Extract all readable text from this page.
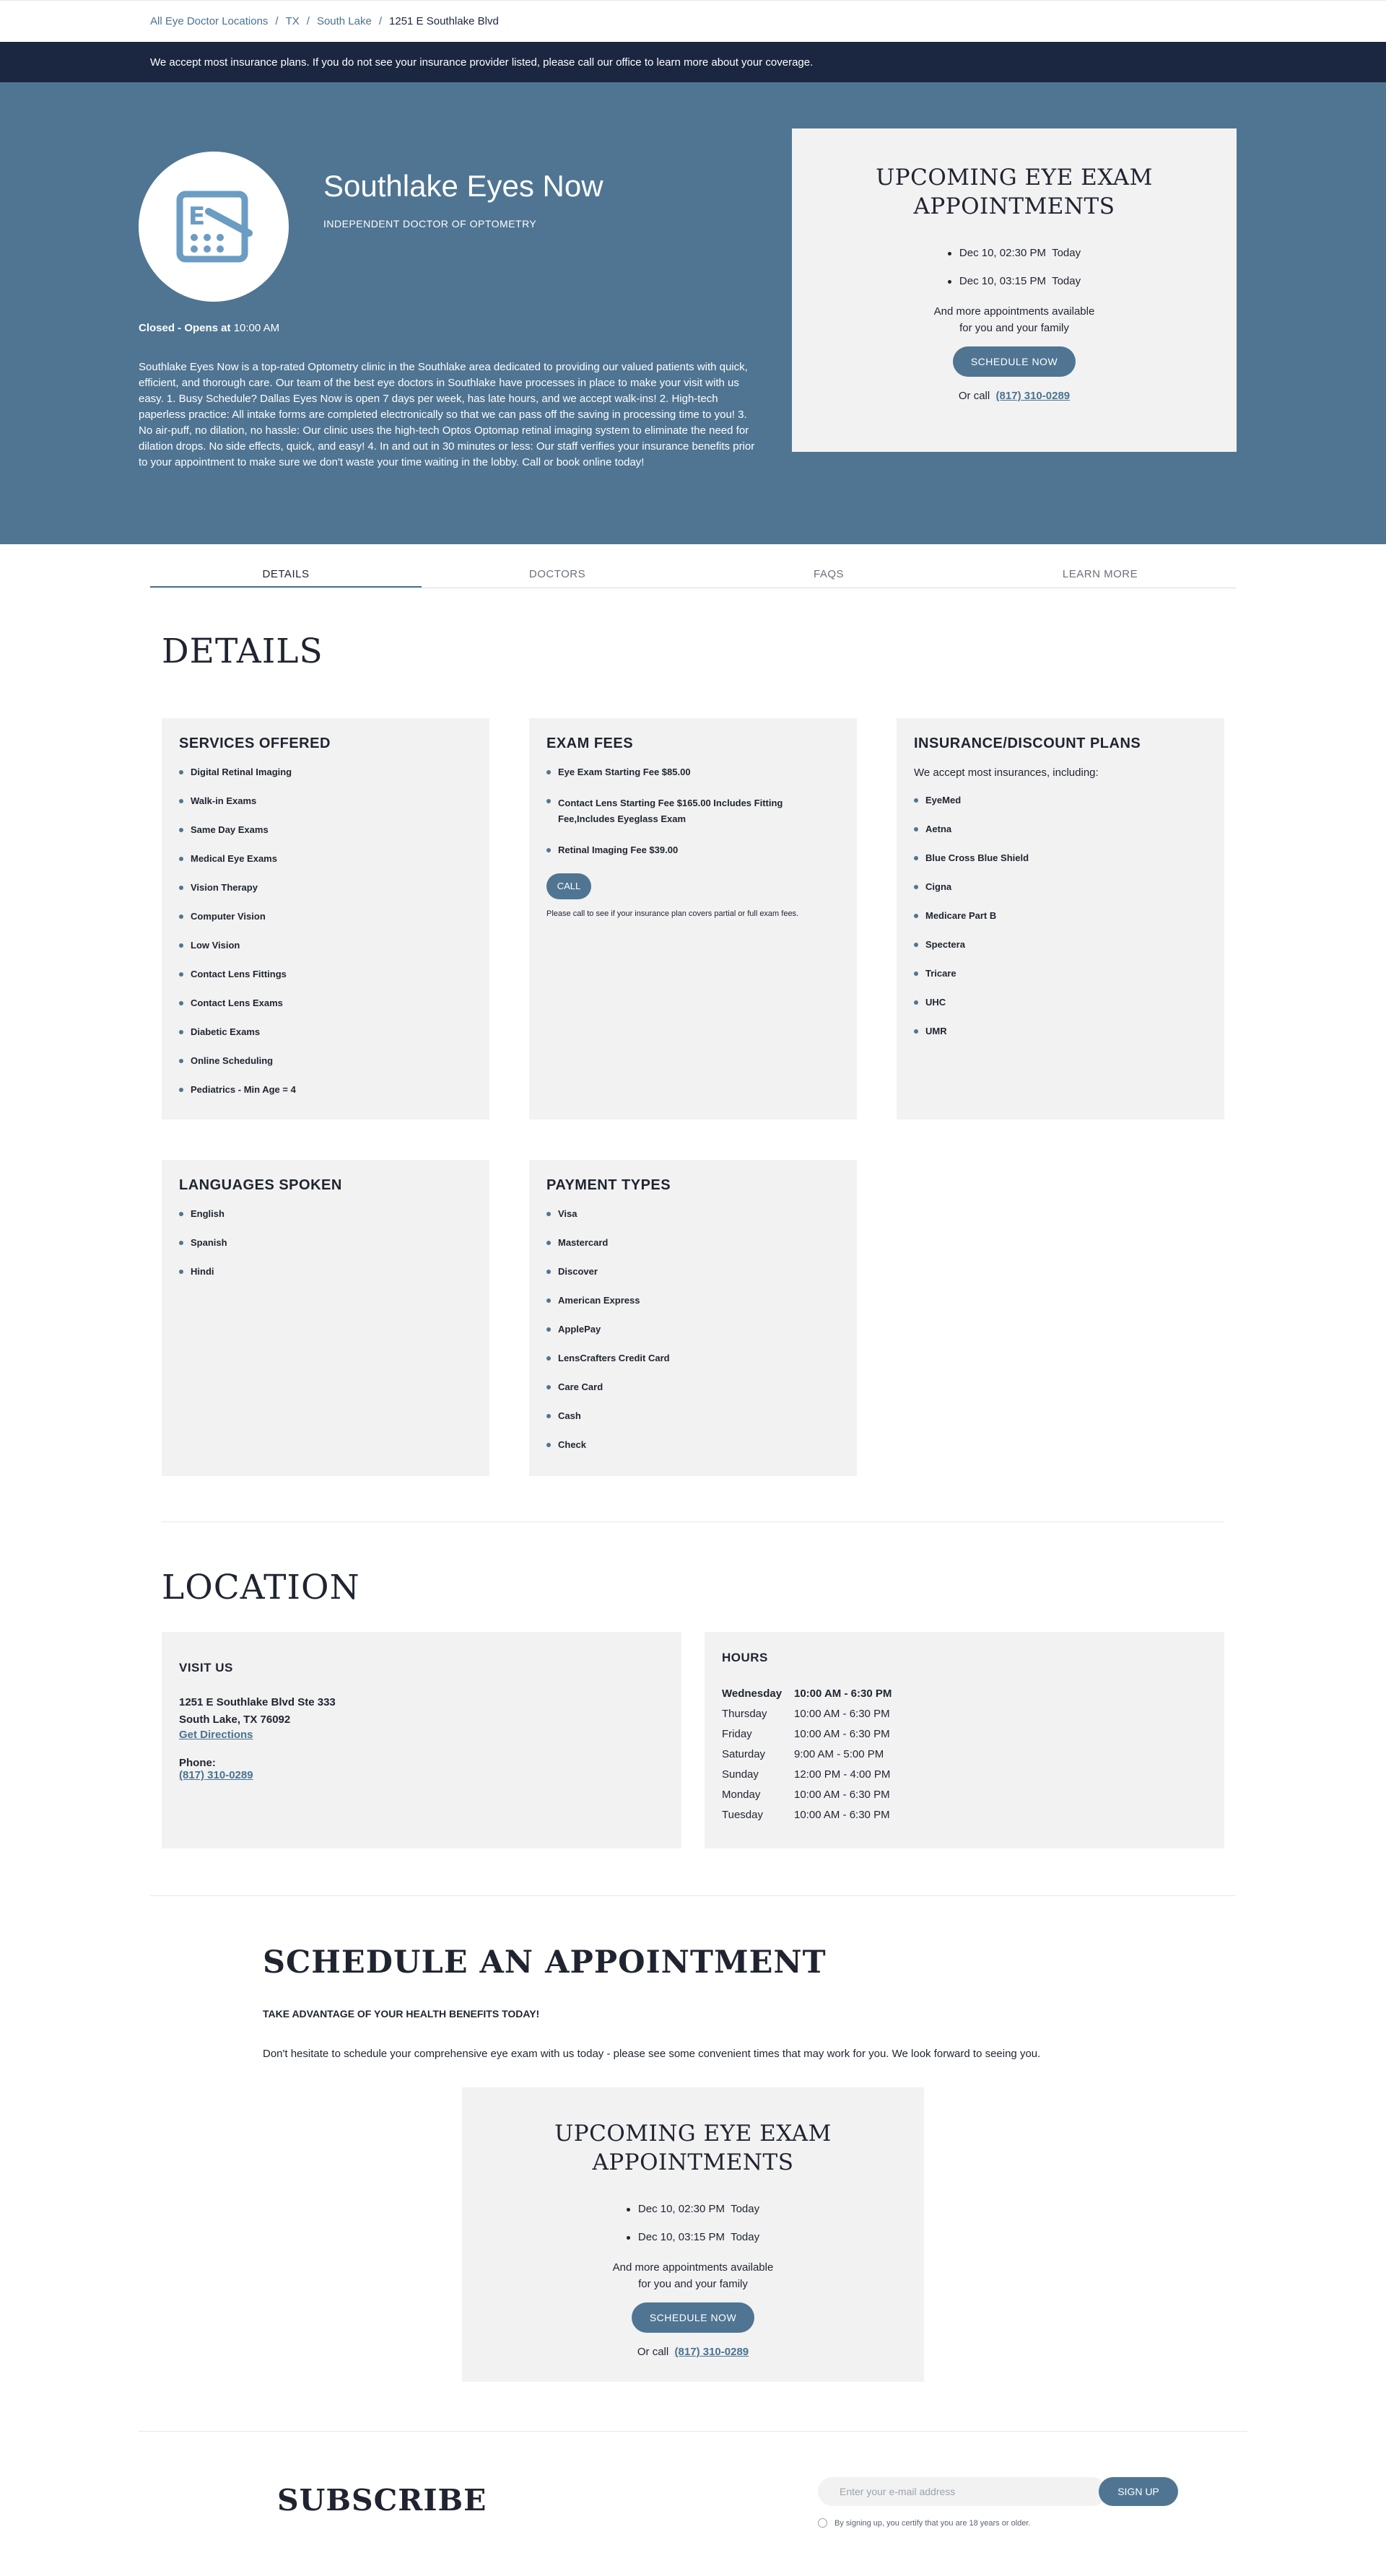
All Eye Doctor Locations / TX / South Lake / 1251 E Southlake Blvd
We accept most insurance plans. If you do not see your insurance provider listed, please call our office to learn more about your coverage.
E
Southlake Eyes Now
INDEPENDENT DOCTOR OF OPTOMETRY
Closed - Opens at 10:00 AM

Southlake Eyes Now is a top-rated Optometry clinic in the Southlake area dedicated to providing our valued patients with quick, efficient, and thorough care. Our team of the best eye doctors in Southlake have processes in place to make your visit with us easy. 1. Busy Schedule? Dallas Eyes Now is open 7 days per week, has late hours, and we accept walk-ins! 2. High-tech paperless practice: All intake forms are completed electronically so that we can pass off the saving in processing time to you! 3. No air-puff, no dilation, no hassle: Our clinic uses the high-tech Optos Optomap retinal imaging system to eliminate the need for dilation drops. No side effects, quick, and easy! 4. In and out in 30 minutes or less: Our staff verifies your insurance benefits prior to your appointment to make sure we don't waste your time waiting in the lobby. Call or book online today!

UPCOMING EYE EXAM
APPOINTMENTS
Dec 10, 02:30 PM Today
Dec 10, 03:15 PM Today
And more appointments available
for you and your family
SCHEDULE NOW
Or call (817) 310-0289
DETAILS	DOCTORS	FAQS	LEARN MORE
DETAILS
SERVICES OFFERED
Digital Retinal Imaging
Walk-in Exams
Same Day Exams
Medical Eye Exams
Vision Therapy
Computer Vision
Low Vision
Contact Lens Fittings
Contact Lens Exams
Diabetic Exams
Online Scheduling
Pediatrics - Min Age = 4
EXAM FEES
Eye Exam Starting Fee $85.00
Contact Lens Starting Fee $165.00 Includes Fitting Fee,Includes Eyeglass Exam
Retinal Imaging Fee $39.00
CALL
Please call to see if your insurance plan covers partial or full exam fees.
INSURANCE/DISCOUNT PLANS
We accept most insurances, including:
EyeMed
Aetna
Blue Cross Blue Shield
Cigna
Medicare Part B
Spectera
Tricare
UHC
UMR
LANGUAGES SPOKEN
English
Spanish
Hindi
PAYMENT TYPES
Visa
Mastercard
Discover
American Express
ApplePay
LensCrafters Credit Card
Care Card
Cash
Check
LOCATION
VISIT US
1251 E Southlake Blvd Ste 333
South Lake, TX 76092
Get Directions
Phone:
(817) 310-0289
HOURS
Wednesday	10:00 AM - 6:30 PM
Thursday	10:00 AM - 6:30 PM
Friday	10:00 AM - 6:30 PM
Saturday	9:00 AM - 5:00 PM
Sunday	12:00 PM - 4:00 PM
Monday	10:00 AM - 6:30 PM
Tuesday	10:00 AM - 6:30 PM
SCHEDULE AN APPOINTMENT
TAKE ADVANTAGE OF YOUR HEALTH BENEFITS TODAY!

Don't hesitate to schedule your comprehensive eye exam with us today - please see some convenient times that may work for you. We look forward to seeing you.

UPCOMING EYE EXAM APPOINTMENTS
Dec 10, 02:30 PM Today
Dec 10, 03:15 PM Today
And more appointments available
for you and your family
SCHEDULE NOW
Or call (817) 310-0289
SUBSCRIBE
Enter your e-mail address	SIGN UP
By signing up, you certify that you are 18 years or older.
